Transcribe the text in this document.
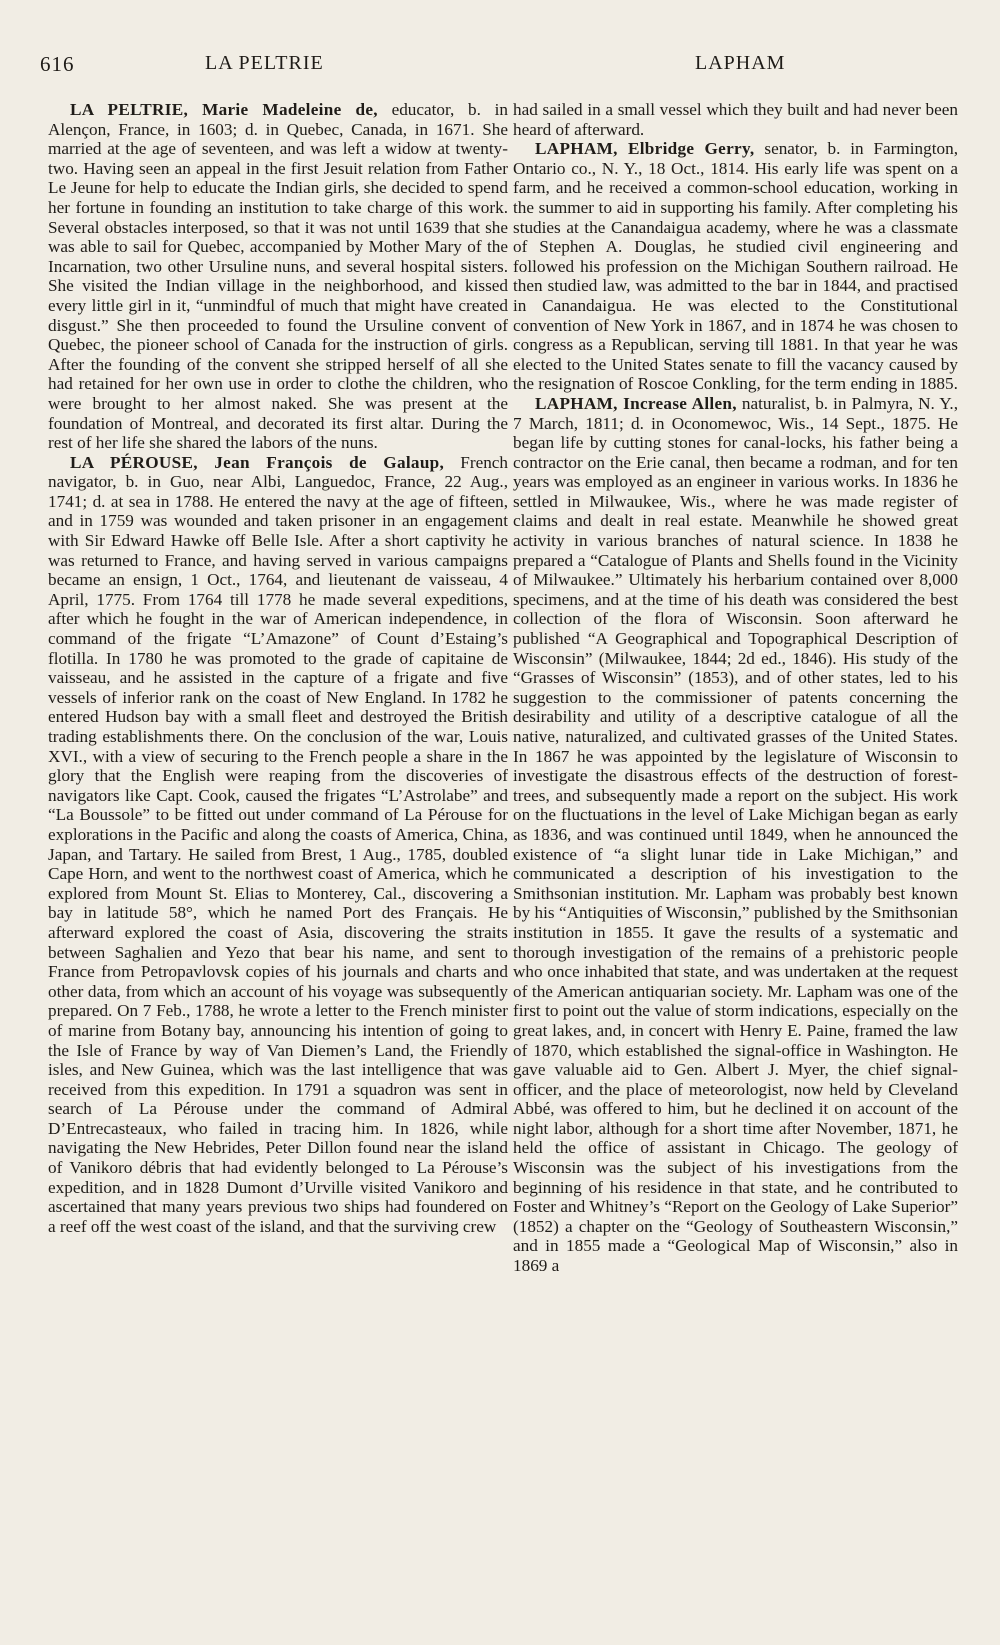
616	LA PELTRIE	LAPHAM

LA PELTRIE, Marie Madeleine de, educator, b. in Alençon, France, in 1603; d. in Quebec, Canada, in 1671. She married at the age of seventeen, and was left a widow at twenty-two. Having seen an appeal in the first Jesuit relation from Father Le Jeune for help to educate the Indian girls, she decided to spend her fortune in founding an institution to take charge of this work. Several obstacles interposed, so that it was not until 1639 that she was able to sail for Quebec, accompanied by Mother Mary of the Incarnation, two other Ursuline nuns, and several hospital sisters. She visited the Indian village in the neighborhood, and kissed every little girl in it, “unmindful of much that might have created disgust.” She then proceeded to found the Ursuline convent of Quebec, the pioneer school of Canada for the instruction of girls. After the founding of the convent she stripped herself of all she had retained for her own use in order to clothe the children, who were brought to her almost naked. She was present at the foundation of Montreal, and decorated its first altar. During the rest of her life she shared the labors of the nuns.

LA PÉROUSE, Jean François de Galaup, French navigator, b. in Guo, near Albi, Languedoc, France, 22 Aug., 1741; d. at sea in 1788. He entered the navy at the age of fifteen, and in 1759 was wounded and taken prisoner in an engagement with Sir Edward Hawke off Belle Isle. After a short captivity he was returned to France, and having served in various campaigns became an ensign, 1 Oct., 1764, and lieutenant de vaisseau, 4 April, 1775. From 1764 till 1778 he made several expeditions, after which he fought in the war of American independence, in command of the frigate “L’Amazone” of Count d’Estaing’s flotilla. In 1780 he was promoted to the grade of capitaine de vaisseau, and he assisted in the capture of a frigate and five vessels of inferior rank on the coast of New England. In 1782 he entered Hudson bay with a small fleet and destroyed the British trading establishments there. On the conclusion of the war, Louis XVI., with a view of securing to the French people a share in the glory that the English were reaping from the discoveries of navigators like Capt. Cook, caused the frigates “L’Astrolabe” and “La Boussole” to be fitted out under command of La Pérouse for explorations in the Pacific and along the coasts of America, China, Japan, and Tartary. He sailed from Brest, 1 Aug., 1785, doubled Cape Horn, and went to the northwest coast of America, which he explored from Mount St. Elias to Monterey, Cal., discovering a bay in latitude 58°, which he named Port des Français. He afterward explored the coast of Asia, discovering the straits between Saghalien and Yezo that bear his name, and sent to France from Petropavlovsk copies of his journals and charts and other data, from which an account of his voyage was subsequently prepared. On 7 Feb., 1788, he wrote a letter to the French minister of marine from Botany bay, announcing his intention of going to the Isle of France by way of Van Diemen’s Land, the Friendly isles, and New Guinea, which was the last intelligence that was received from this expedition. In 1791 a squadron was sent in search of La Pérouse under the command of Admiral D’Entrecasteaux, who failed in tracing him. In 1826, while navigating the New Hebrides, Peter Dillon found near the island of Vanikoro débris that had evidently belonged to La Pérouse’s expedition, and in 1828 Dumont d’Urville visited Vanikoro and ascertained that many years previous two ships had foundered on a reef off the west coast of the island, and that the surviving crew

had sailed in a small vessel which they built and had never been heard of afterward.

LAPHAM, Elbridge Gerry, senator, b. in Farmington, Ontario co., N. Y., 18 Oct., 1814. His early life was spent on a farm, and he received a common-school education, working in the summer to aid in supporting his family. After completing his studies at the Canandaigua academy, where he was a classmate of Stephen A. Douglas, he studied civil engineering and followed his profession on the Michigan Southern railroad. He then studied law, was admitted to the bar in 1844, and practised in Canandaigua. He was elected to the Constitutional convention of New York in 1867, and in 1874 he was chosen to congress as a Republican, serving till 1881. In that year he was elected to the United States senate to fill the vacancy caused by the resignation of Roscoe Conkling, for the term ending in 1885.

LAPHAM, Increase Allen, naturalist, b. in Palmyra, N. Y., 7 March, 1811; d. in Oconomewoc, Wis., 14 Sept., 1875. He began life by cutting stones for canal-locks, his father being a contractor on the Erie canal, then became a rodman, and for ten years was employed as an engineer in various works. In 1836 he settled in Milwaukee, Wis., where he was made register of claims and dealt in real estate. Meanwhile he showed great activity in various branches of natural science. In 1838 he prepared a “Catalogue of Plants and Shells found in the Vicinity of Milwaukee.” Ultimately his herbarium contained over 8,000 specimens, and at the time of his death was considered the best collection of the flora of Wisconsin. Soon afterward he published “A Geographical and Topographical Description of Wisconsin” (Milwaukee, 1844; 2d ed., 1846). His study of the “Grasses of Wisconsin” (1853), and of other states, led to his suggestion to the commissioner of patents concerning the desirability and utility of a descriptive catalogue of all the native, naturalized, and cultivated grasses of the United States. In 1867 he was appointed by the legislature of Wisconsin to investigate the disastrous effects of the destruction of forest-trees, and subsequently made a report on the subject. His work on the fluctuations in the level of Lake Michigan began as early as 1836, and was continued until 1849, when he announced the existence of “a slight lunar tide in Lake Michigan,” and communicated a description of his investigation to the Smithsonian institution. Mr. Lapham was probably best known by his “Antiquities of Wisconsin,” published by the Smithsonian institution in 1855. It gave the results of a systematic and thorough investigation of the remains of a prehistoric people who once inhabited that state, and was undertaken at the request of the American antiquarian society. Mr. Lapham was one of the first to point out the value of storm indications, especially on the great lakes, and, in concert with Henry E. Paine, framed the law of 1870, which established the signal-office in Washington. He gave valuable aid to Gen. Albert J. Myer, the chief signal-officer, and the place of meteorologist, now held by Cleveland Abbé, was offered to him, but he declined it on account of the night labor, although for a short time after November, 1871, he held the office of assistant in Chicago. The geology of Wisconsin was the subject of his investigations from the beginning of his residence in that state, and he contributed to Foster and Whitney’s “Report on the Geology of Lake Superior” (1852) a chapter on the “Geology of Southeastern Wisconsin,” and in 1855 made a “Geological Map of Wisconsin,” also in 1869 a
